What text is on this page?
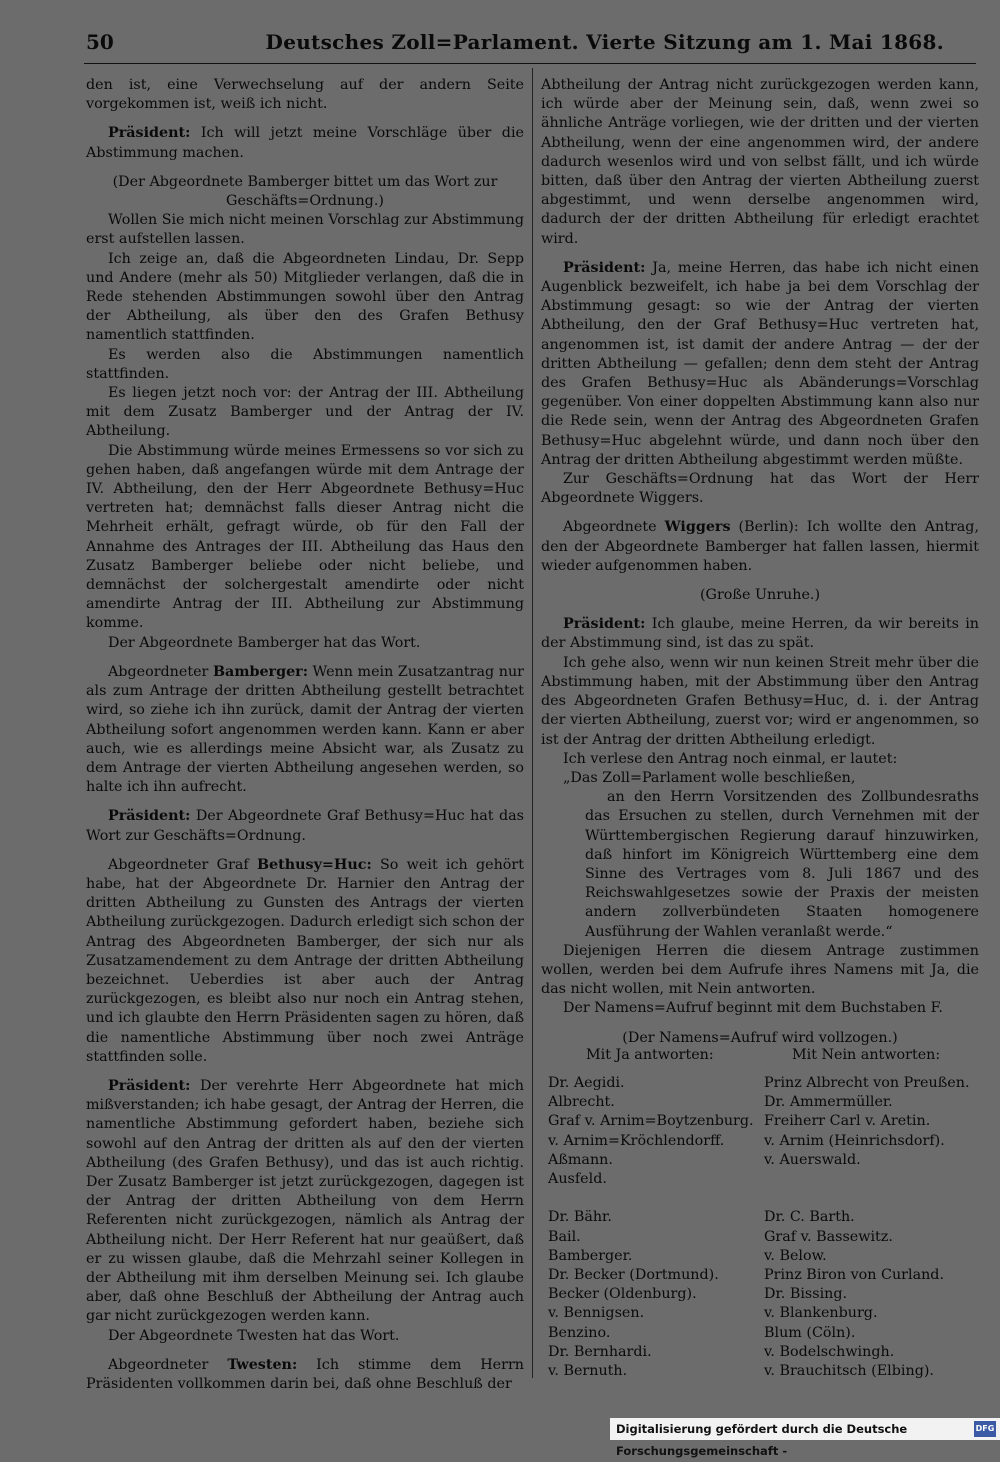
50	Deutsches Zoll=Parlament. Vierte Sitzung am 1. Mai 1868.

den ist, eine Verwechselung auf der andern Seite vorgekommen ist, weiß ich nicht.

Präsident: Ich will jetzt meine Vorschläge über die Abstimmung machen.

(Der Abgeordnete Bamberger bittet um das Wort zur Geschäfts=Ordnung.)

Wollen Sie mich nicht meinen Vorschlag zur Abstimmung erst aufstellen lassen.

Ich zeige an, daß die Abgeordneten Lindau, Dr. Sepp und Andere (mehr als 50) Mitglieder verlangen, daß die in Rede stehenden Abstimmungen sowohl über den Antrag der Abtheilung, als über den des Grafen Bethusy namentlich stattfinden.

Es werden also die Abstimmungen namentlich stattfinden.

Es liegen jetzt noch vor: der Antrag der III. Abtheilung mit dem Zusatz Bamberger und der Antrag der IV. Abtheilung.

Die Abstimmung würde meines Ermessens so vor sich zu gehen haben, daß angefangen würde mit dem Antrage der IV. Abtheilung, den der Herr Abgeordnete Bethusy=Huc vertreten hat; demnächst falls dieser Antrag nicht die Mehrheit erhält, gefragt würde, ob für den Fall der Annahme des Antrages der III. Abtheilung das Haus den Zusatz Bamberger beliebe oder nicht beliebe, und demnächst der solchergestalt amendirte oder nicht amendirte Antrag der III. Abtheilung zur Abstimmung komme.

Der Abgeordnete Bamberger hat das Wort.

Abgeordneter Bamberger: Wenn mein Zusatzantrag nur als zum Antrage der dritten Abtheilung gestellt betrachtet wird, so ziehe ich ihn zurück, damit der Antrag der vierten Abtheilung sofort angenommen werden kann. Kann er aber auch, wie es allerdings meine Absicht war, als Zusatz zu dem Antrage der vierten Abtheilung angesehen werden, so halte ich ihn aufrecht.

Präsident: Der Abgeordnete Graf Bethusy=Huc hat das Wort zur Geschäfts=Ordnung.

Abgeordneter Graf Bethusy=Huc: So weit ich gehört habe, hat der Abgeordnete Dr. Harnier den Antrag der dritten Abtheilung zu Gunsten des Antrags der vierten Abtheilung zurückgezogen. Dadurch erledigt sich schon der Antrag des Abgeordneten Bamberger, der sich nur als Zusatzamendement zu dem Antrage der dritten Abtheilung bezeichnet. Ueberdies ist aber auch der Antrag zurückgezogen, es bleibt also nur noch ein Antrag stehen, und ich glaubte den Herrn Präsidenten sagen zu hören, daß die namentliche Abstimmung über noch zwei Anträge stattfinden solle.

Präsident: Der verehrte Herr Abgeordnete hat mich mißverstanden; ich habe gesagt, der Antrag der Herren, die namentliche Abstimmung gefordert haben, beziehe sich sowohl auf den Antrag der dritten als auf den der vierten Abtheilung (des Grafen Bethusy), und das ist auch richtig. Der Zusatz Bamberger ist jetzt zurückgezogen, dagegen ist der Antrag der dritten Abtheilung von dem Herrn Referenten nicht zurückgezogen, nämlich als Antrag der Abtheilung nicht. Der Herr Referent hat nur geaüßert, daß er zu wissen glaube, daß die Mehrzahl seiner Kollegen in der Abtheilung mit ihm derselben Meinung sei. Ich glaube aber, daß ohne Beschluß der Abtheilung der Antrag auch gar nicht zurückgezogen werden kann.

Der Abgeordnete Twesten hat das Wort.

Abgeordneter Twesten: Ich stimme dem Herrn Präsidenten vollkommen darin bei, daß ohne Beschluß der

Abtheilung der Antrag nicht zurückgezogen werden kann, ich würde aber der Meinung sein, daß, wenn zwei so ähnliche Anträge vorliegen, wie der dritten und der vierten Abtheilung, wenn der eine angenommen wird, der andere dadurch wesenlos wird und von selbst fällt, und ich würde bitten, daß über den Antrag der vierten Abtheilung zuerst abgestimmt, und wenn derselbe angenommen wird, dadurch der der dritten Abtheilung für erledigt erachtet wird.

Präsident: Ja, meine Herren, das habe ich nicht einen Augenblick bezweifelt, ich habe ja bei dem Vorschlag der Abstimmung gesagt: so wie der Antrag der vierten Abtheilung, den der Graf Bethusy=Huc vertreten hat, angenommen ist, ist damit der andere Antrag — der der dritten Abtheilung — gefallen; denn dem steht der Antrag des Grafen Bethusy=Huc als Abänderungs=Vorschlag gegenüber. Von einer doppelten Abstimmung kann also nur die Rede sein, wenn der Antrag des Abgeordneten Grafen Bethusy=Huc abgelehnt würde, und dann noch über den Antrag der dritten Abtheilung abgestimmt werden müßte.

Zur Geschäfts=Ordnung hat das Wort der Herr Abgeordnete Wiggers.

Abgeordnete Wiggers (Berlin): Ich wollte den Antrag, den der Abgeordnete Bamberger hat fallen lassen, hiermit wieder aufgenommen haben.

(Große Unruhe.)

Präsident: Ich glaube, meine Herren, da wir bereits in der Abstimmung sind, ist das zu spät.

Ich gehe also, wenn wir nun keinen Streit mehr über die Abstimmung haben, mit der Abstimmung über den Antrag des Abgeordneten Grafen Bethusy=Huc, d. i. der Antrag der vierten Abtheilung, zuerst vor; wird er angenommen, so ist der Antrag der dritten Abtheilung erledigt.

Ich verlese den Antrag noch einmal, er lautet:

„Das Zoll=Parlament wolle beschließen,

an den Herrn Vorsitzenden des Zollbundesraths das Ersuchen zu stellen, durch Vernehmen mit der Württembergischen Regierung darauf hinzuwirken, daß hinfort im Königreich Württemberg eine dem Sinne des Vertrages vom 8. Juli 1867 und des Reichswahlgesetzes sowie der Praxis der meisten andern zollverbündeten Staaten homogenere Ausführung der Wahlen veranlaßt werde.“

Diejenigen Herren die diesem Antrage zustimmen wollen, werden bei dem Aufrufe ihres Namens mit Ja, die das nicht wollen, mit Nein antworten.

Der Namens=Aufruf beginnt mit dem Buchstaben F.

(Der Namens=Aufruf wird vollzogen.)

Mit Ja antworten:	Mit Nein antworten:
Dr. Aegidi.
Albrecht.
Graf v. Arnim=Boytzenburg.
v. Arnim=Kröchlendorff.
Aßmann.
Ausfeld.
Dr. Bähr.
Bail.
Bamberger.
Dr. Becker (Dortmund).
Becker (Oldenburg).
v. Bennigsen.
Benzino.
Dr. Bernhardi.
v. Bernuth.
Prinz Albrecht von Preußen.
Dr. Ammermüller.
Freiherr Carl v. Aretin.
v. Arnim (Heinrichsdorf).
v. Auerswald.
Dr. C. Barth.
Graf v. Bassewitz.
v. Below.
Prinz Biron von Curland.
Dr. Bissing.
v. Blankenburg.
Blum (Cöln).
v. Bodelschwingh.
v. Brauchitsch (Elbing).
Digitalisierung gefördert durch die Deutsche Forschungsgemeinschaft -
DFG
